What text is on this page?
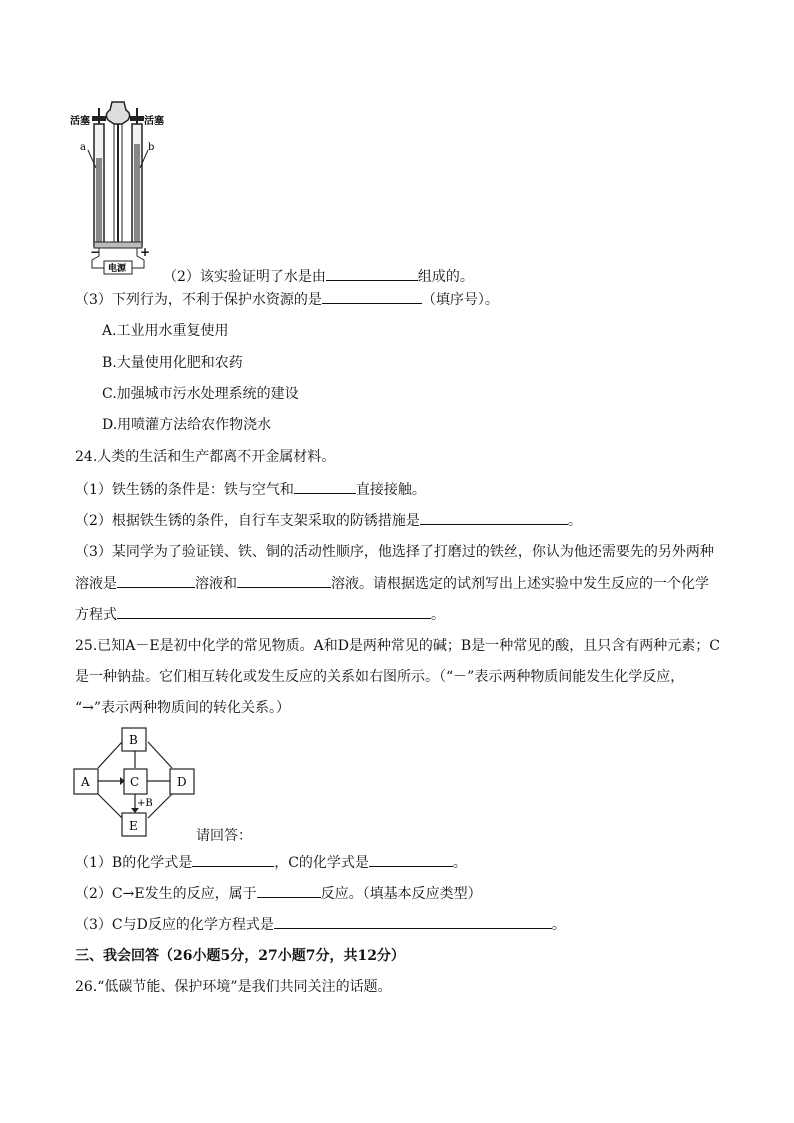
活塞	活塞
a	b
−	+
电源	（2）该实验证明了水是由	组成的。
（3）下列行为，不利于保护水资源的是	（填序号）。
A.工业用水重复使用
B.大量使用化肥和农药
C.加强城市污水处理系统的建设
D.用喷灌方法给农作物浇水
24.人类的生活和生产都离不开金属材料。
（1）铁生锈的条件是：铁与空气和	直接接触。
（2）根据铁生锈的条件，自行车支架采取的防锈措施是	。
（3）某同学为了验证镁、铁、铜的活动性顺序，他选择了打磨过的铁丝，你认为他还需要先的另外两种
溶液是	溶液和	溶液。请根据选定的试剂写出上述实验中发生反应的一个化学
方程式	。
25.已知A－E是初中化学的常见物质。A和D是两种常见的碱；B是一种常见的酸，且只含有两种元素；C
是一种钠盐。它们相互转化或发生反应的关系如右图所示。（“－”表示两种物质间能发生化学反应，
“→”表示两种物质间的转化关系。）
B
A	C	D
E
+B
请回答：
（1）B的化学式是	，C的化学式是	。
（2）C→E发生的反应，属于	反应。（填基本反应类型）
（3）C与D反应的化学方程式是	。
三、我会回答（26小题5分，27小题7分，共12分）
26.“低碳节能、保护环境”是我们共同关注的话题。
